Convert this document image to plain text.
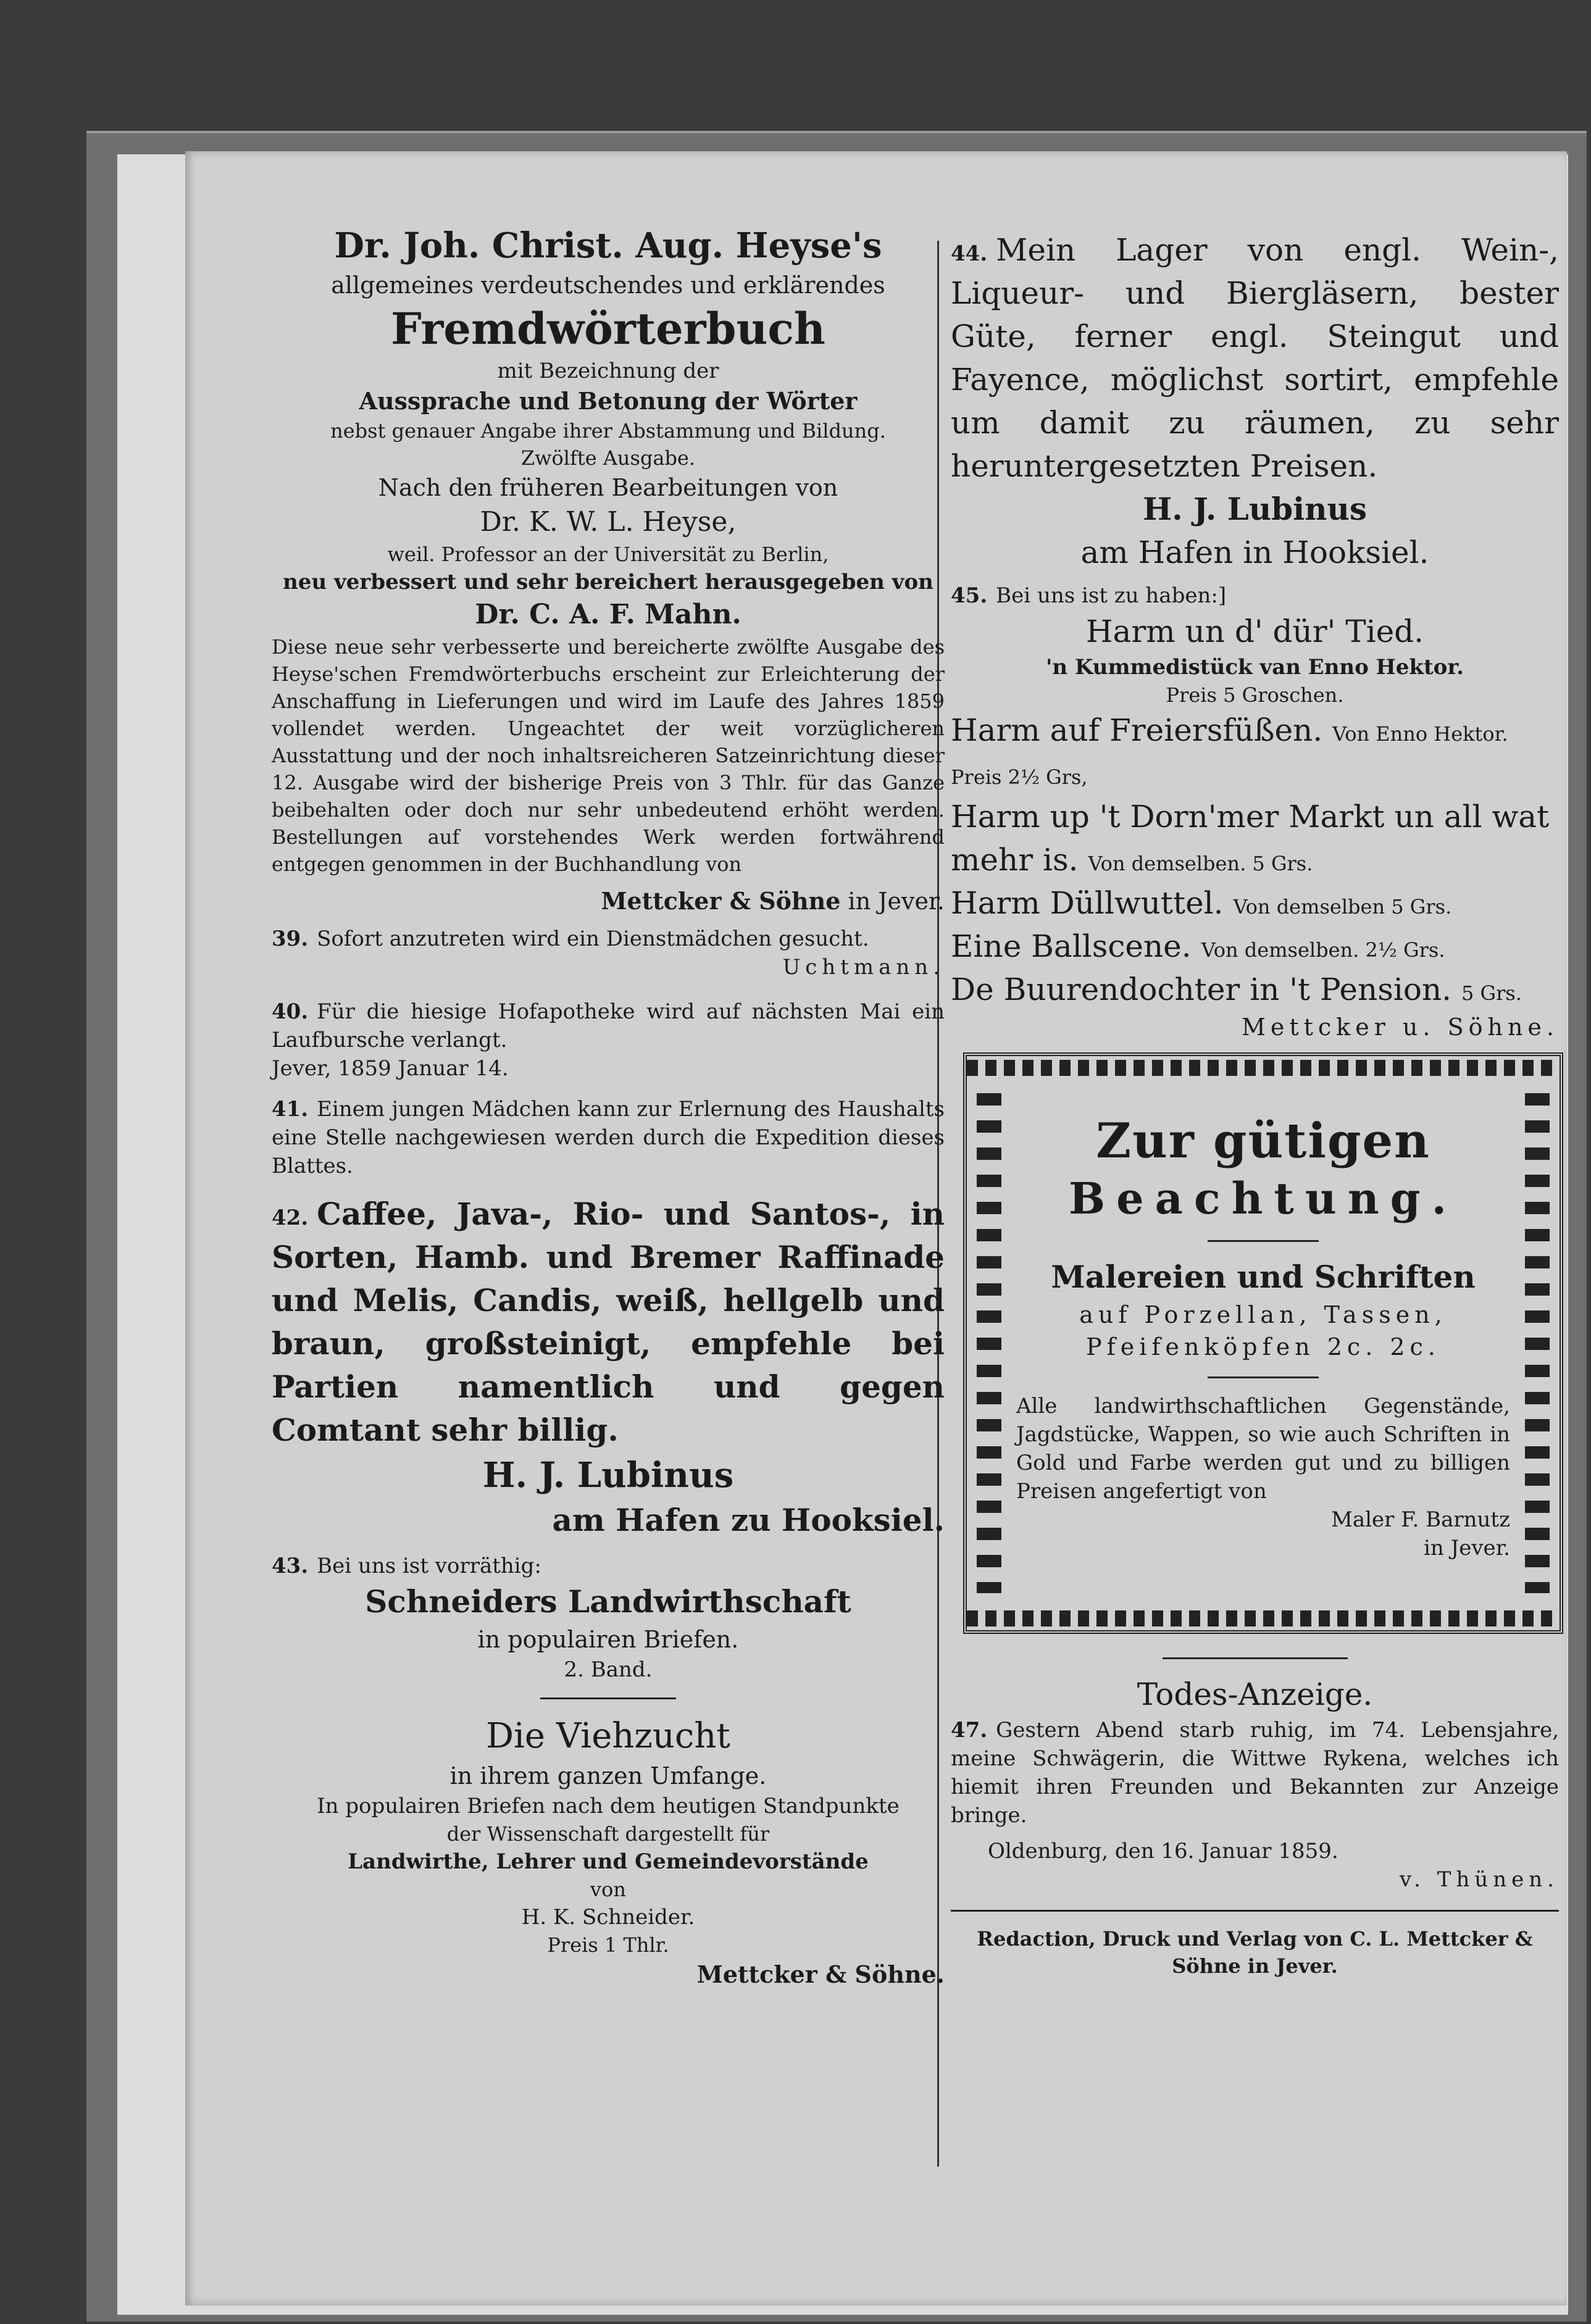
Dr. Joh. Christ. Aug. Heyse's
allgemeines verdeutschendes und erklärendes
Fremdwörterbuch
mit Bezeichnung der
Aussprache und Betonung der Wörter
nebst genauer Angabe ihrer Abstammung und Bildung.
Zwölfte Ausgabe.
Nach den früheren Bearbeitungen von
Dr. K. W. L. Heyse,
weil. Professor an der Universität zu Berlin,
neu verbessert und sehr bereichert herausgegeben von
Dr. C. A. F. Mahn.
Diese neue sehr verbesserte und bereicherte zwölfte Ausgabe des Heyse'schen Fremdwörterbuchs erscheint zur Erleichterung der Anschaffung in Lieferungen und wird im Laufe des Jahres 1859 vollendet werden. Ungeachtet der weit vorzüglicheren Ausstattung und der noch inhaltsreicheren Satzeinrichtung dieser 12. Ausgabe wird der bisherige Preis von 3 Thlr. für das Ganze beibehalten oder doch nur sehr unbedeutend erhöht werden. Bestellungen auf vorstehendes Werk werden fortwährend entgegen genommen in der Buchhandlung von
Mettcker & Söhne in Jever.
39. Sofort anzutreten wird ein Dienstmädchen gesucht.
Uchtmann.
40. Für die hiesige Hofapotheke wird auf nächsten Mai ein Laufbursche verlangt.
Jever, 1859 Januar 14.
41. Einem jungen Mädchen kann zur Erlernung des Haushalts eine Stelle nachgewiesen werden durch die Expedition dieses Blattes.
42. Caffee, Java-, Rio- und Santos-, in Sorten, Hamb. und Bremer Raffinade und Melis, Candis, weiß, hellgelb und braun, großsteinigt, empfehle bei Partien namentlich und gegen Comtant sehr billig.
H. J. Lubinus
am Hafen zu Hooksiel.
43. Bei uns ist vorräthig:
Schneiders Landwirthschaft
in populairen Briefen.
2. Band.
Die Viehzucht
in ihrem ganzen Umfange.
In populairen Briefen nach dem heutigen Standpunkte
der Wissenschaft dargestellt für
Landwirthe, Lehrer und Gemeindevorstände
von
H. K. Schneider.
Preis 1 Thlr.
Mettcker & Söhne.
44. Mein Lager von engl. Wein-, Liqueur- und Biergläsern, bester Güte, ferner engl. Steingut und Fayence, möglichst sortirt, empfehle um damit zu räumen, zu sehr heruntergesetzten Preisen.
H. J. Lubinus
am Hafen in Hooksiel.
45. Bei uns ist zu haben:]
Harm un d' dür' Tied.
'n Kummedistück van Enno Hektor.
Preis 5 Groschen.
Harm auf Freiersfüßen. Von Enno Hektor. Preis 2½ Grs,
Harm up 't Dorn'mer Markt un all wat mehr is. Von demselben. 5 Grs.
Harm Düllwuttel. Von demselben 5 Grs.
Eine Ballscene. Von demselben. 2½ Grs.
De Buurendochter in 't Pension. 5 Grs.
Mettcker u. Söhne.
Zur gütigen
Beachtung.
Malereien und Schriften
auf Porzellan, Tassen, Pfeifenköpfen 2c. 2c.
Alle landwirthschaftlichen Gegenstände, Jagdstücke, Wappen, so wie auch Schriften in Gold und Farbe werden gut und zu billigen Preisen angefertigt von
Maler F. Barnutz
in Jever.
Todes-Anzeige.
47. Gestern Abend starb ruhig, im 74. Lebensjahre, meine Schwägerin, die Wittwe Rykena, welches ich hiemit ihren Freunden und Bekannten zur Anzeige bringe.
Oldenburg, den 16. Januar 1859.
v. Thünen.
Redaction, Druck und Verlag von C. L. Mettcker & Söhne in Jever.
